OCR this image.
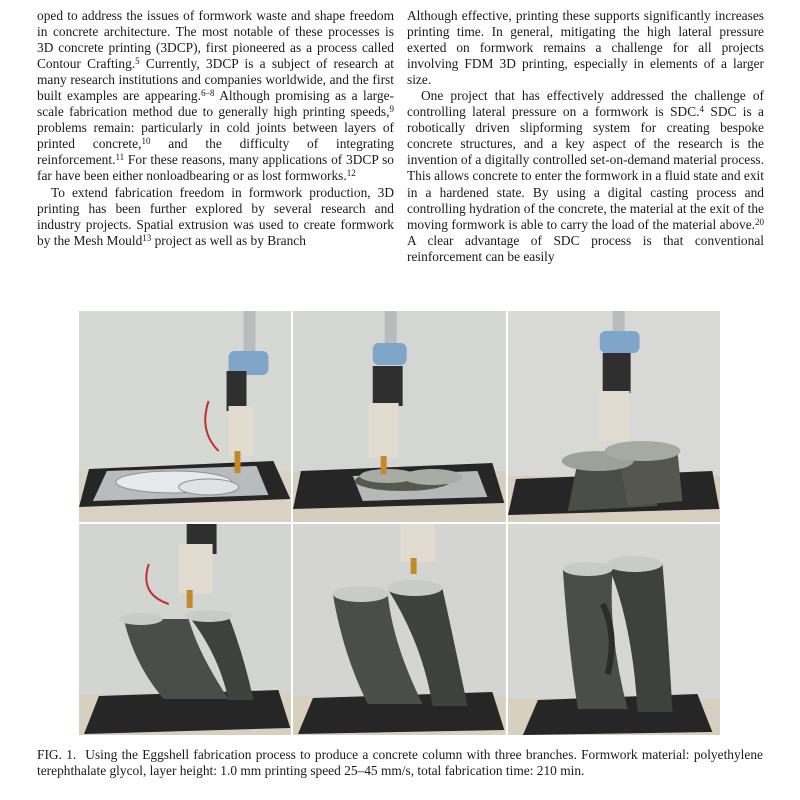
oped to address the issues of formwork waste and shape freedom in concrete architecture. The most notable of these processes is 3D concrete printing (3DCP), first pioneered as a process called Contour Crafting.$^5$ Currently, 3DCP is a subject of research at many research institutions and companies worldwide, and the first built examples are appearing.$^{6-8}$ Although promising as a large-scale fabrication method due to generally high printing speeds,$^9$ problems remain: particularly in cold joints between layers of printed concrete,$^{10}$ and the difficulty of integrating reinforcement.$^{11}$ For these reasons, many applications of 3DCP so far have been either nonloadbearing or as lost formworks.$^{12}$

To extend fabrication freedom in formwork production, 3D printing has been further explored by several research and industry projects. Spatial extrusion was used to create formwork by the Mesh Mould$^{13}$ project as well as by Branch

Although effective, printing these supports significantly increases printing time. In general, mitigating the high lateral pressure exerted on formwork remains a challenge for all projects involving FDM 3D printing, especially in elements of a larger size.

One project that has effectively addressed the challenge of controlling lateral pressure on a formwork is SDC.$^4$ SDC is a robotically driven slipforming system for creating bespoke concrete structures, and a key aspect of the research is the invention of a digitally controlled set-on-demand material process. This allows concrete to enter the formwork in a fluid state and exit in a hardened state. By using a digital casting process and controlling hydration of the concrete, the material at the exit of the moving formwork is able to carry the load of the material above.$^{20}$ A clear advantage of SDC process is that conventional reinforcement can be easily

FIG. 1. Using the Eggshell fabrication process to produce a concrete column with three branches. Formwork material: polyethylene terephthalate glycol, layer height: 1.0 mm printing speed 25–45 mm/s, total fabrication time: 210 min.
